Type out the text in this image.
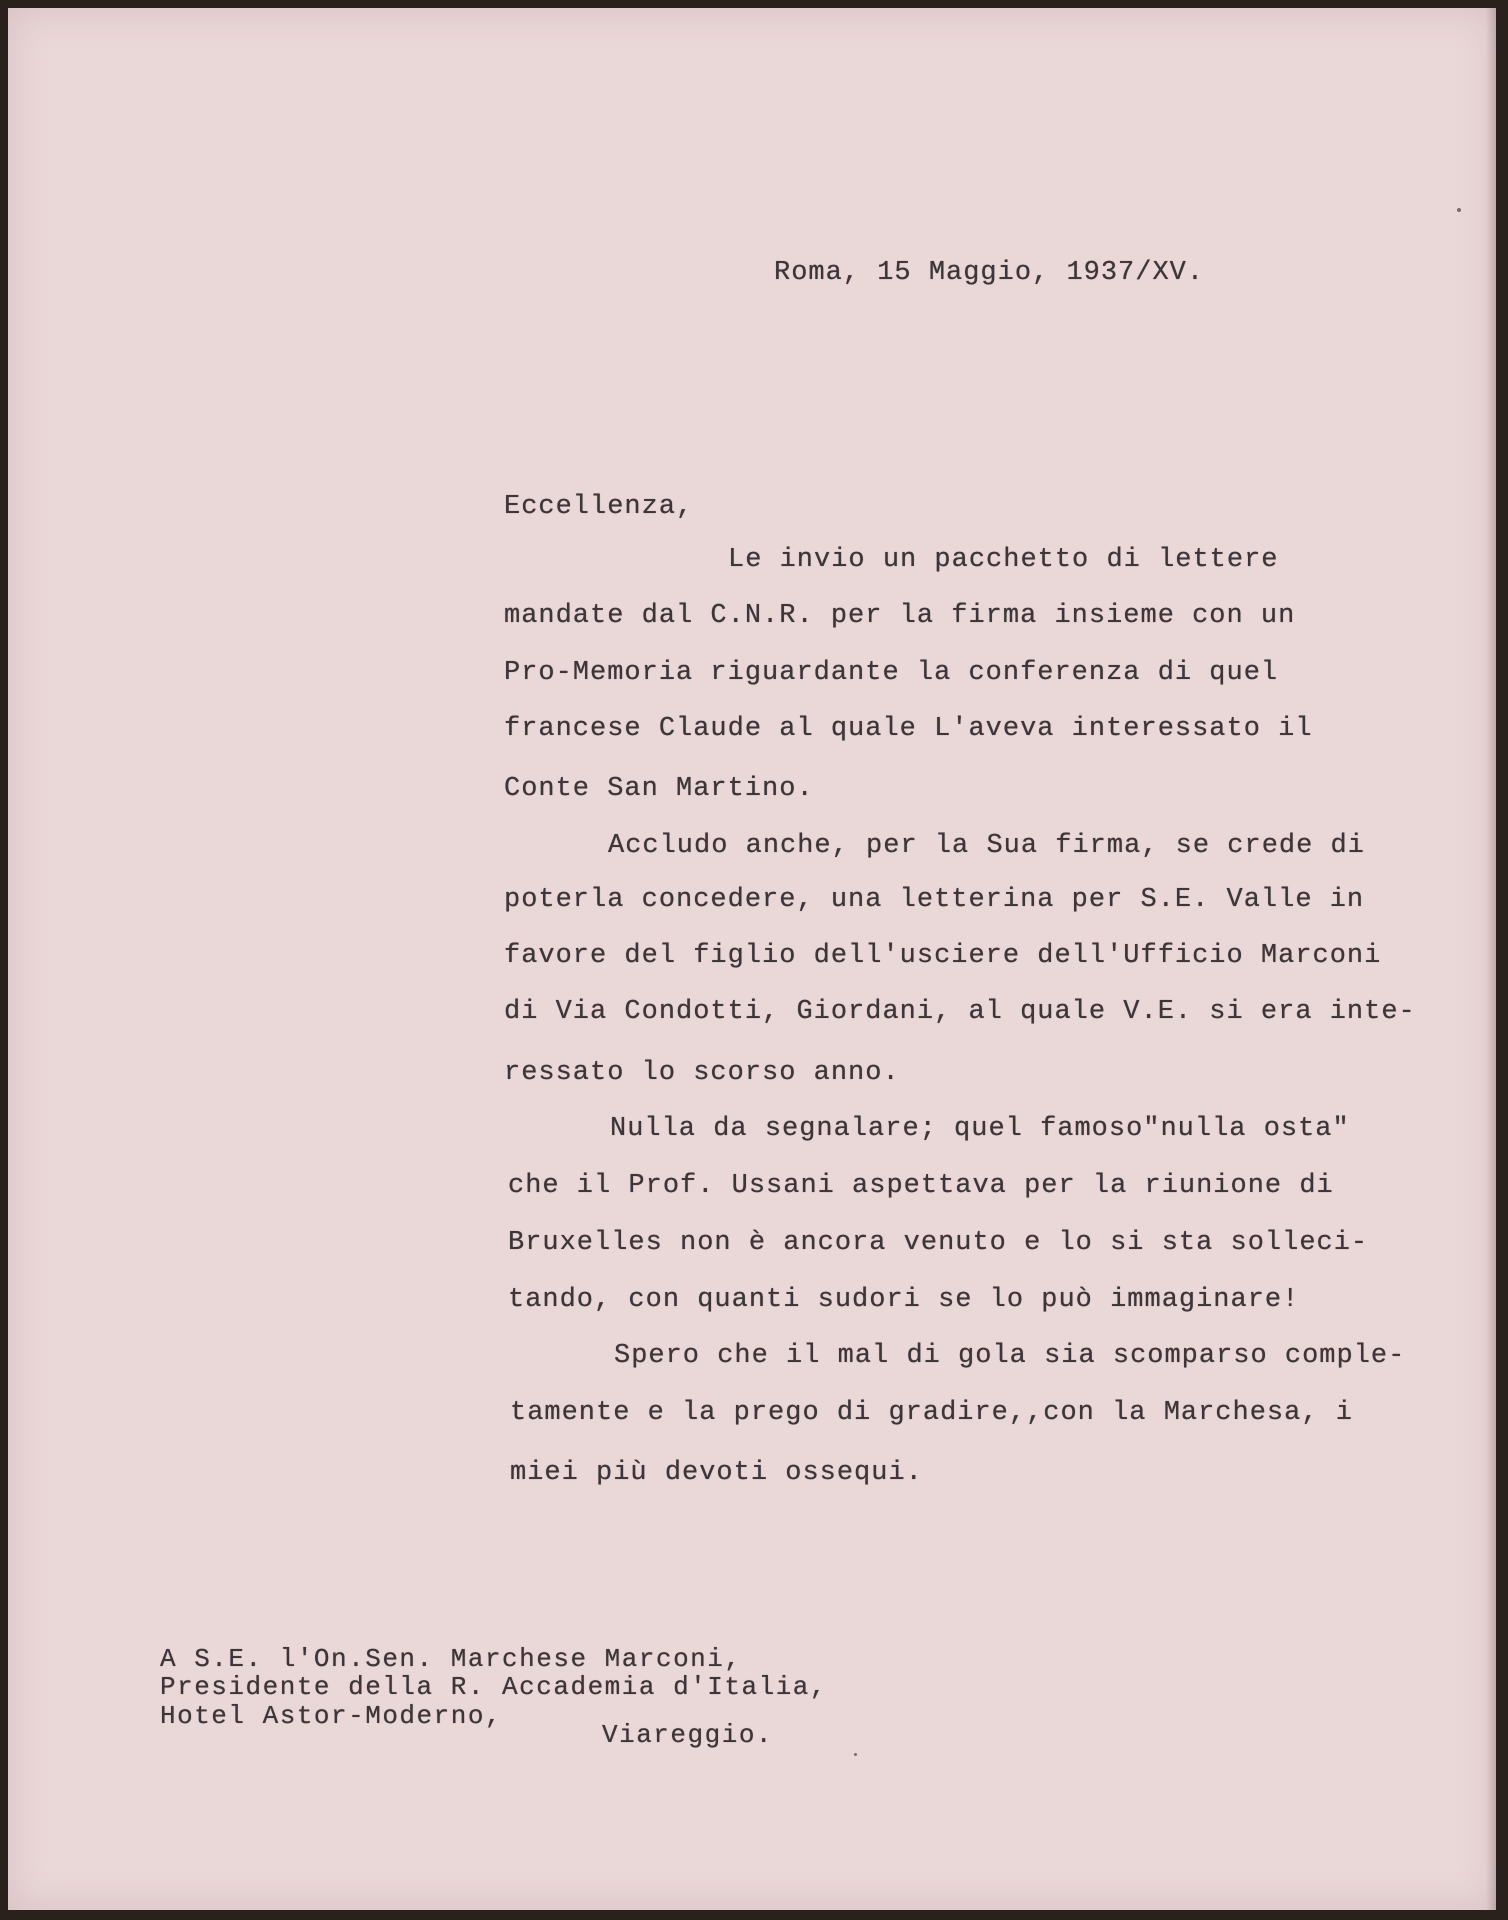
Roma, 15 Maggio, 1937/XV.
Eccellenza,
Le invio un pacchetto di lettere
mandate dal C.N.R. per la firma insieme con un
Pro-Memoria riguardante la conferenza di quel
francese Claude al quale L'aveva interessato il
Conte San Martino.
Accludo anche, per la Sua firma, se crede di
poterla concedere, una letterina per S.E. Valle in
favore del figlio dell'usciere dell'Ufficio Marconi
di Via Condotti, Giordani, al quale V.E. si era inte-
ressato lo scorso anno.
Nulla da segnalare; quel famoso"nulla osta"
che il Prof. Ussani aspettava per la riunione di
Bruxelles non è ancora venuto e lo si sta solleci-
tando, con quanti sudori se lo può immaginare!
Spero che il mal di gola sia scomparso comple-
tamente e la prego di gradire,,con la Marchesa, i
miei più devoti ossequi.
A S.E. l'On.Sen. Marchese Marconi,
Presidente della R. Accademia d'Italia,
Hotel Astor-Moderno,
Viareggio.
